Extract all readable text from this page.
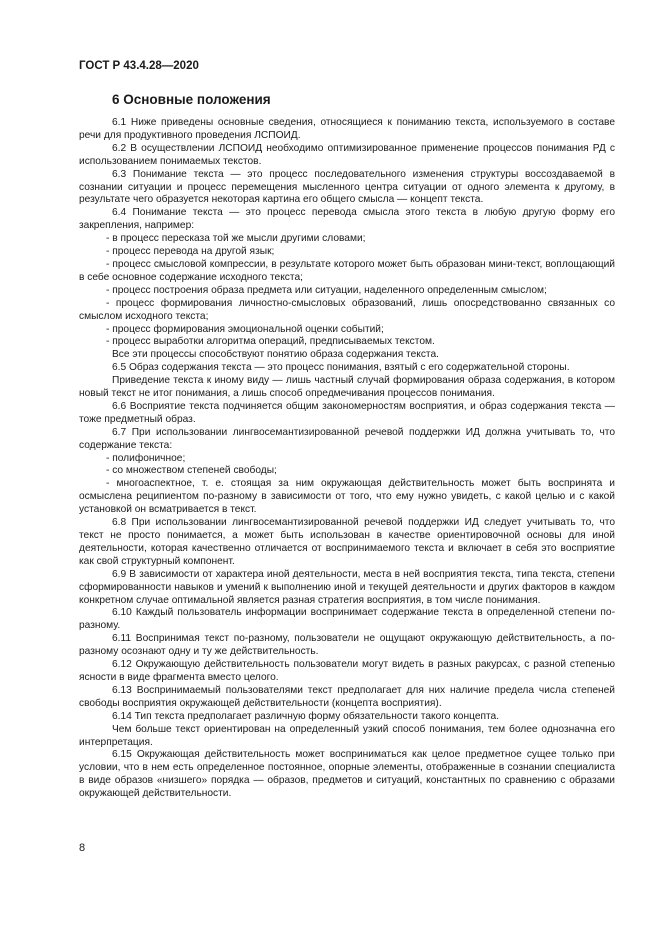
ГОСТ Р 43.4.28—2020
6 Основные положения

6.1 Ниже приведены основные сведения, относящиеся к пониманию текста, используемого в составе речи для продуктивного проведения ЛСПОИД.

6.2 В осуществлении ЛСПОИД необходимо оптимизированное применение процессов понимания РД с использованием понимаемых текстов.

6.3 Понимание текста — это процесс последовательного изменения структуры воссоздаваемой в сознании ситуации и процесс перемещения мысленного центра ситуации от одного элемента к другому, в результате чего образуется некоторая картина его общего смысла — концепт текста.

6.4 Понимание текста — это процесс перевода смысла этого текста в любую другую форму его закрепления, например:

- в процесс пересказа той же мысли другими словами;

- процесс перевода на другой язык;

- процесс смысловой компрессии, в результате которого может быть образован мини-текст, воплощающий в себе основное содержание исходного текста;

- процесс построения образа предмета или ситуации, наделенного определенным смыслом;

- процесс формирования личностно-смысловых образований, лишь опосредствованно связанных со смыслом исходного текста;

- процесс формирования эмоциональной оценки событий;

- процесс выработки алгоритма операций, предписываемых текстом.

Все эти процессы способствуют понятию образа содержания текста.

6.5 Образ содержания текста — это процесс понимания, взятый с его содержательной стороны.

Приведение текста к иному виду — лишь частный случай формирования образа содержания, в котором новый текст не итог понимания, а лишь способ опредмечивания процессов понимания.

6.6 Восприятие текста подчиняется общим закономерностям восприятия, и образ содержания текста — тоже предметный образ.

6.7 При использовании лингвосемантизированной речевой поддержки ИД должна учитывать то, что содержание текста:

- полифоничное;

- со множеством степеней свободы;

- многоаспектное, т. е. стоящая за ним окружающая действительность может быть воспринята и осмыслена реципиентом по-разному в зависимости от того, что ему нужно увидеть, с какой целью и с какой установкой он всматривается в текст.

6.8 При использовании лингвосемантизированной речевой поддержки ИД следует учитывать то, что текст не просто понимается, а может быть использован в качестве ориентировочной основы для иной деятельности, которая качественно отличается от воспринимаемого текста и включает в себя это восприятие как свой структурный компонент.

6.9 В зависимости от характера иной деятельности, места в ней восприятия текста, типа текста, степени сформированности навыков и умений к выполнению иной и текущей деятельности и других факторов в каждом конкретном случае оптимальной является разная стратегия восприятия, в том числе понимания.

6.10 Каждый пользователь информации воспринимает содержание текста в определенной степени по-разному.

6.11 Воспринимая текст по-разному, пользователи не ощущают окружающую действительность, а по-разному осознают одну и ту же действительность.

6.12 Окружающую действительность пользователи могут видеть в разных ракурсах, с разной степенью ясности в виде фрагмента вместо целого.

6.13 Воспринимаемый пользователями текст предполагает для них наличие предела числа степеней свободы восприятия окружающей действительности (концепта восприятия).

6.14 Тип текста предполагает различную форму обязательности такого концепта.

Чем больше текст ориентирован на определенный узкий способ понимания, тем более однозначна его интерпретация.

6.15 Окружающая действительность может восприниматься как целое предметное сущее только при условии, что в нем есть определенное постоянное, опорные элементы, отображенные в сознании специалиста в виде образов «низшего» порядка — образов, предметов и ситуаций, константных по сравнению с образами окружающей действительности.

8
